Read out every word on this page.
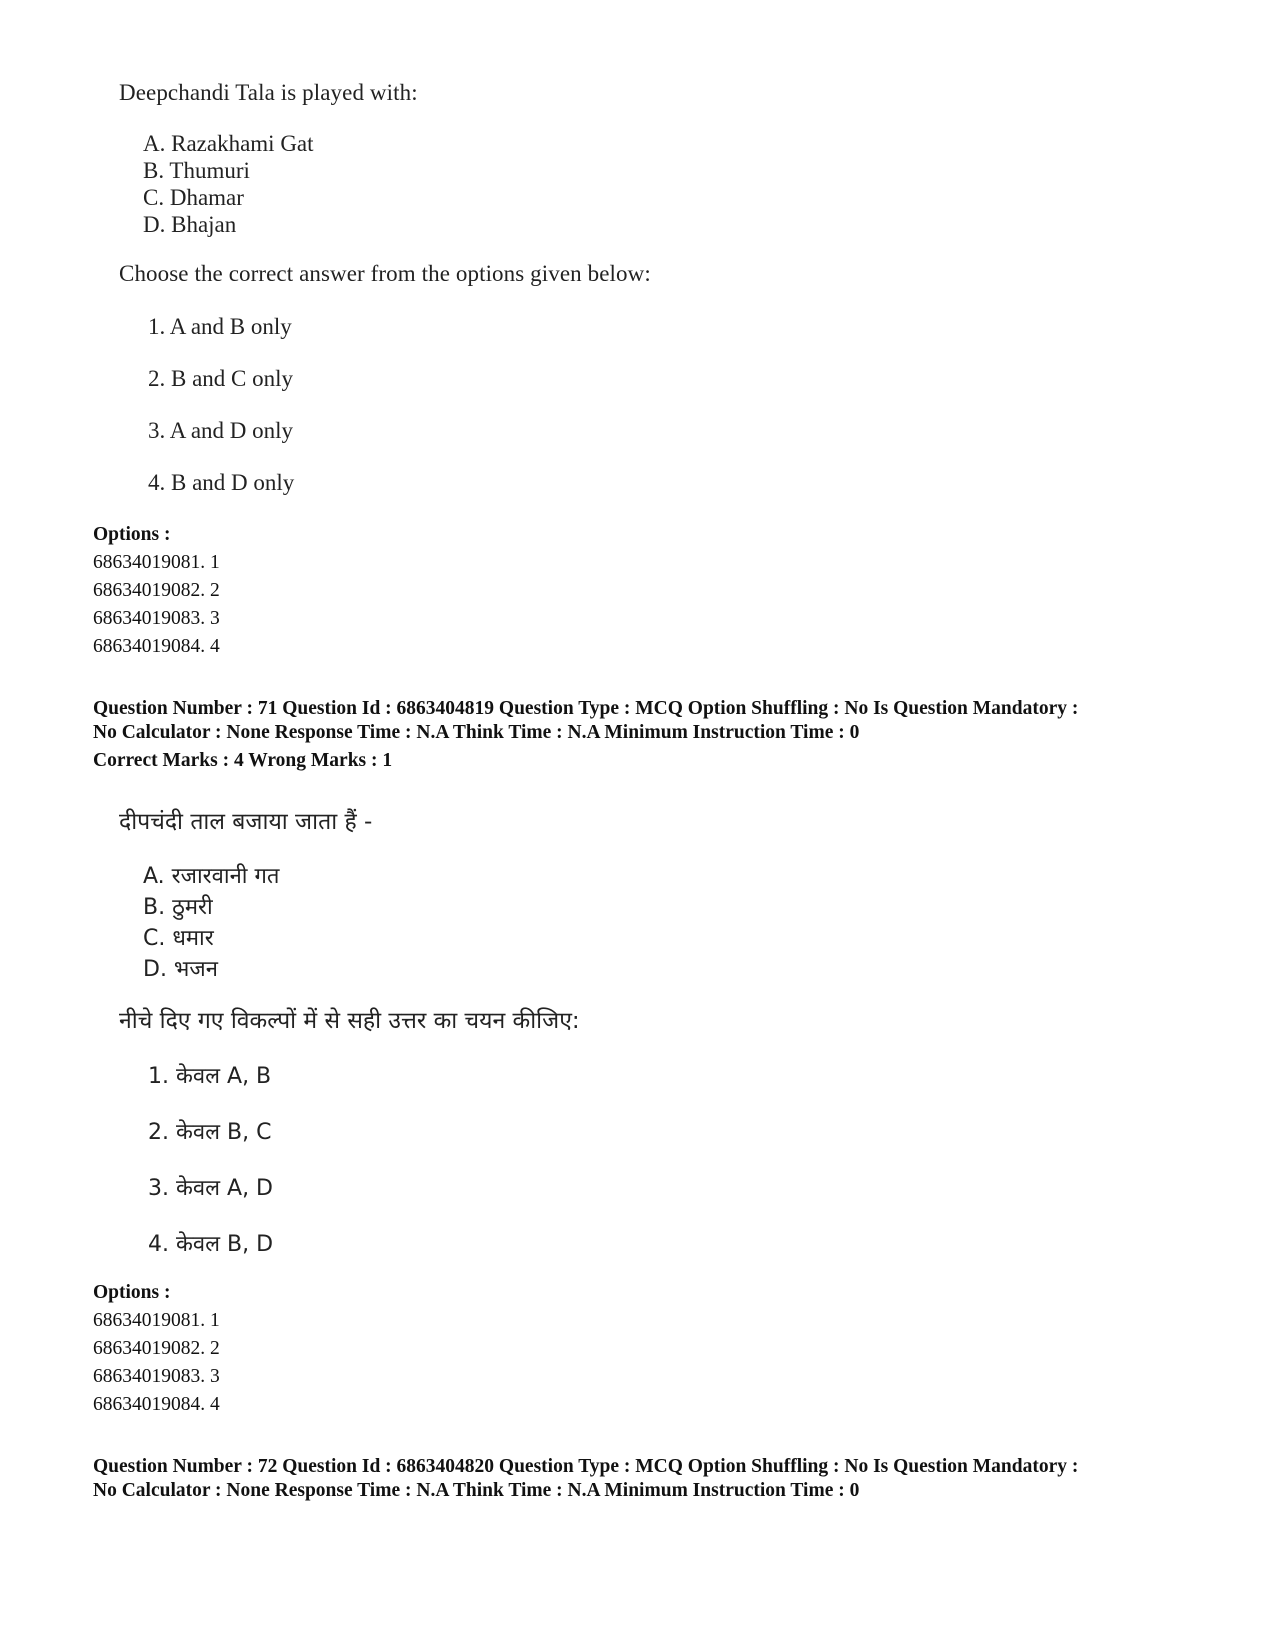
Deepchandi Tala is played with:
A. Razakhami Gat
B. Thumuri
C. Dhamar
D. Bhajan
Choose the correct answer from the options given below:
1. A and B only
2. B and C only
3. A and D only
4. B and D only
Options :
68634019081. 1
68634019082. 2
68634019083. 3
68634019084. 4
Question Number : 71 Question Id : 6863404819 Question Type : MCQ Option Shuffling : No Is Question Mandatory :
No Calculator : None Response Time : N.A Think Time : N.A Minimum Instruction Time : 0
Correct Marks : 4 Wrong Marks : 1
दीपचंदी ताल बजाया जाता हैं -
A. रजारवानी गत
B. ठुमरी
C. धमार
D. भजन
नीचे दिए गए विकल्पों में से सही उत्तर का चयन कीजिए:
1. केवल A, B
2. केवल B, C
3. केवल A, D
4. केवल B, D
Options :
68634019081. 1
68634019082. 2
68634019083. 3
68634019084. 4
Question Number : 72 Question Id : 6863404820 Question Type : MCQ Option Shuffling : No Is Question Mandatory :
No Calculator : None Response Time : N.A Think Time : N.A Minimum Instruction Time : 0
